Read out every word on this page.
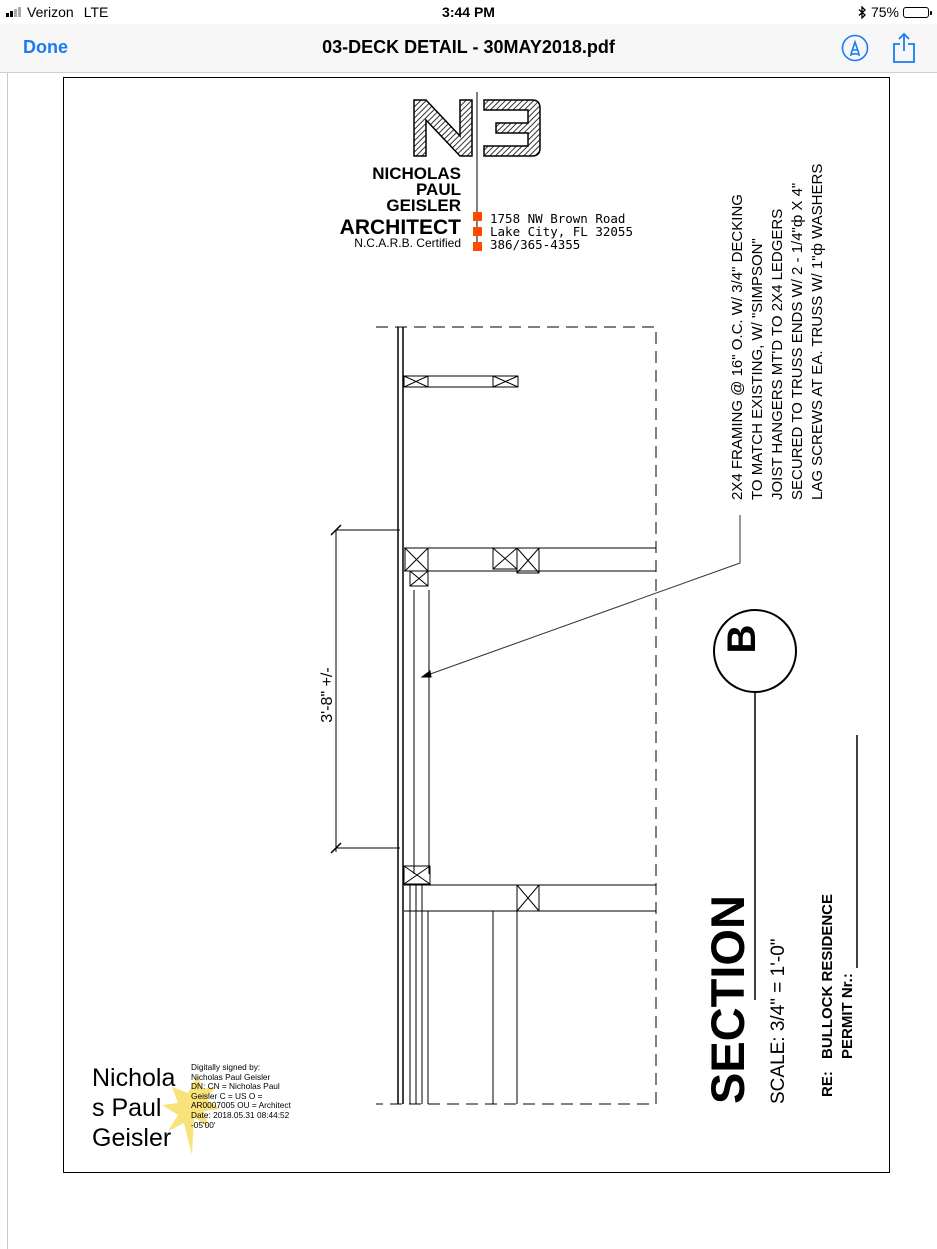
Verizon LTE	3:44 PM	75%
Done	03-DECK DETAIL - 30MAY2018.pdf
NICHOLAS
PAUL
GEISLER
ARCHITECT
N.C.A.R.B. Certified
1758 NW Brown Road
Lake City, FL 32055
386/365-4355
3'-8" +/-
2X4 FRAMING @ 16" O.C. W/ 3/4" DECKING TO MATCH EXISTING, W/ "SIMPSON" JOIST HANGERS MT'D TO 2X4 LEDGERS SECURED TO TRUSS ENDS W/ 2 - 1/4"ф X 4" LAG SCREWS AT EA. TRUSS W/ 1"ф WASHERS
B
SECTION SCALE: 3/4" = 1'-0" RE:
BULLOCK RESIDENCE PERMIT Nr.:
Nichola
s Paul
Geisler
Digitally signed by:
Nicholas Paul Geisler
DN: CN = Nicholas Paul
Geisler C = US O =
AR0007005 OU = Architect
Date: 2018.05.31 08:44:52
-05'00'
